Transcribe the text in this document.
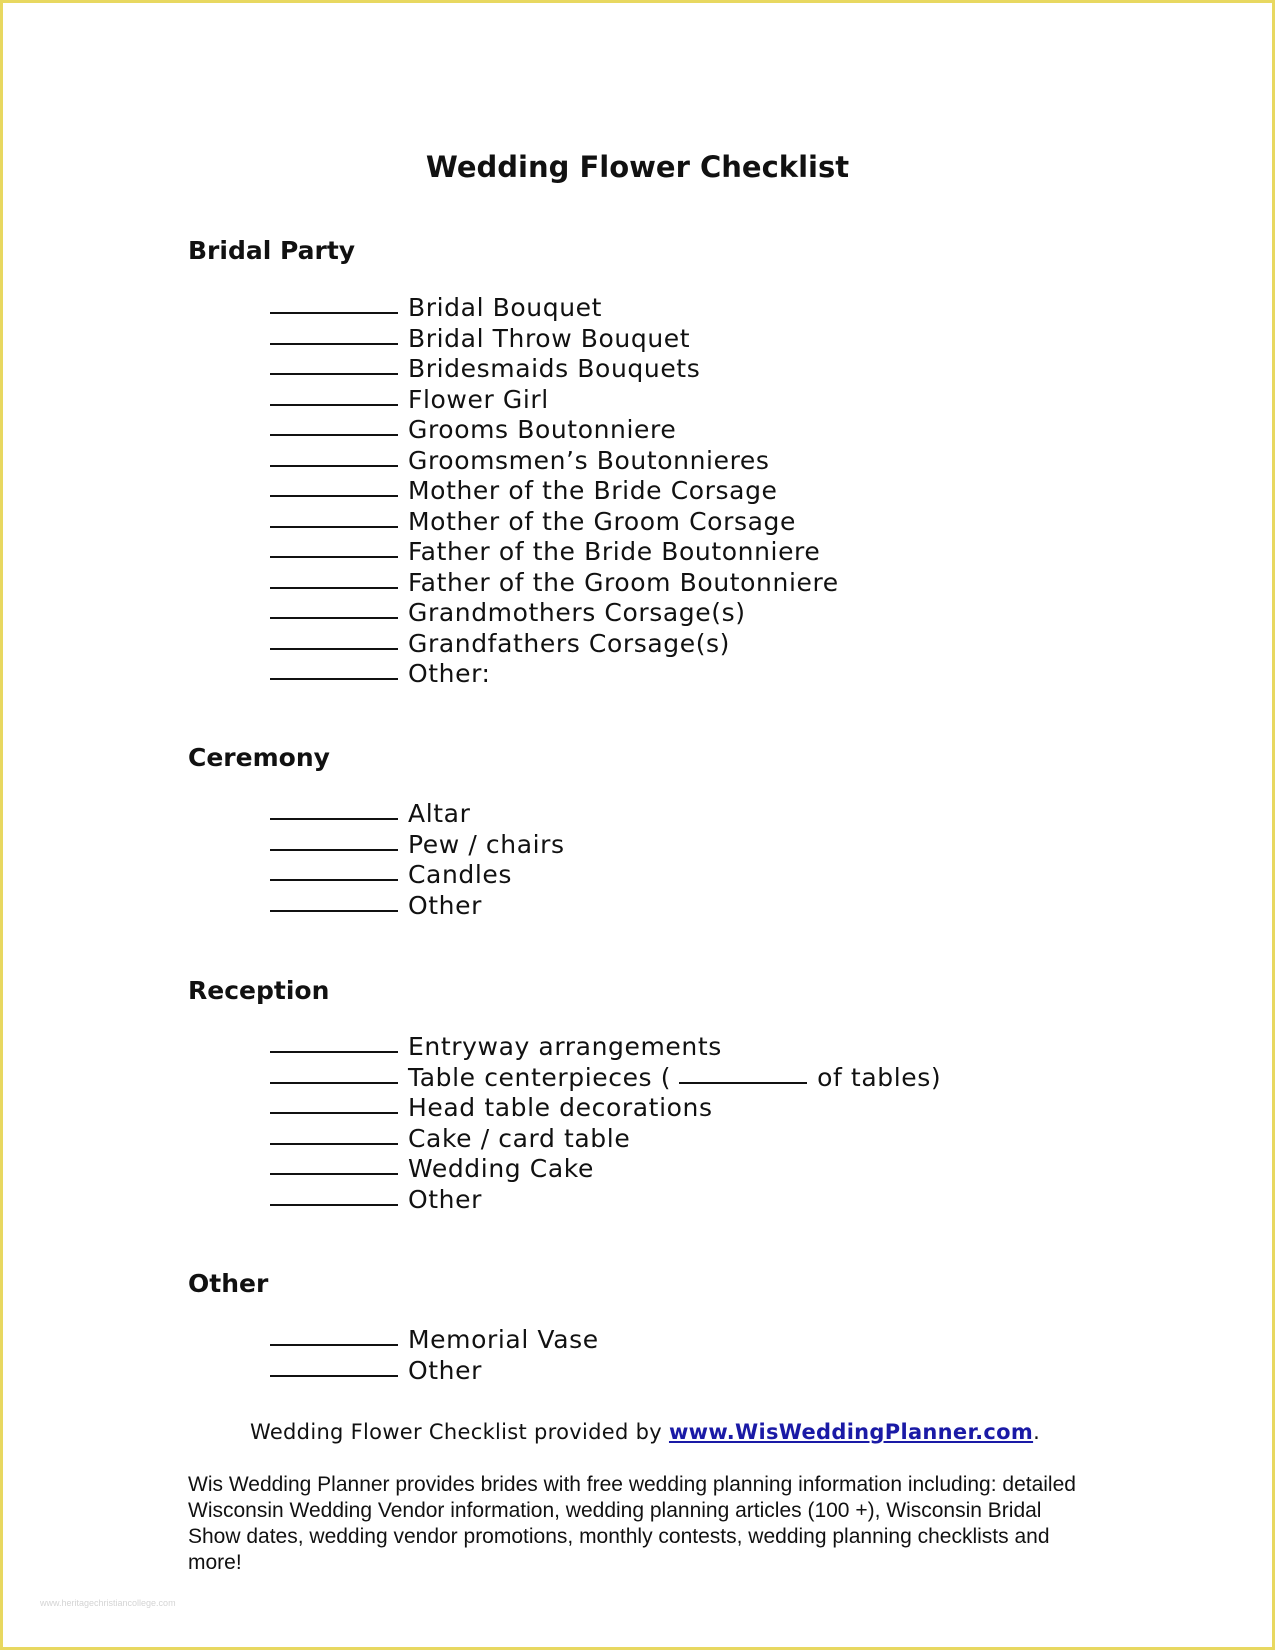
Wedding Flower Checklist
Bridal Party
Bridal Bouquet
Bridal Throw Bouquet
Bridesmaids Bouquets
Flower Girl
Grooms Boutonniere
Groomsmen’s Boutonnieres
Mother of the Bride Corsage
Mother of the Groom Corsage
Father of the Bride Boutonniere
Father of the Groom Boutonniere
Grandmothers Corsage(s)
Grandfathers Corsage(s)
Other:
Ceremony
Altar
Pew / chairs
Candles
Other
Reception
Entryway arrangements
Table centerpieces (	of tables)
Head table decorations
Cake / card table
Wedding Cake
Other
Other
Memorial Vase
Other
Wedding Flower Checklist provided by www.WisWeddingPlanner.com.

Wis Wedding Planner provides brides with free wedding planning information including: detailed Wisconsin Wedding Vendor information, wedding planning articles (100 +), Wisconsin Bridal Show dates, wedding vendor promotions, monthly contests, wedding planning checklists and more!

www.heritagechristiancollege.com
